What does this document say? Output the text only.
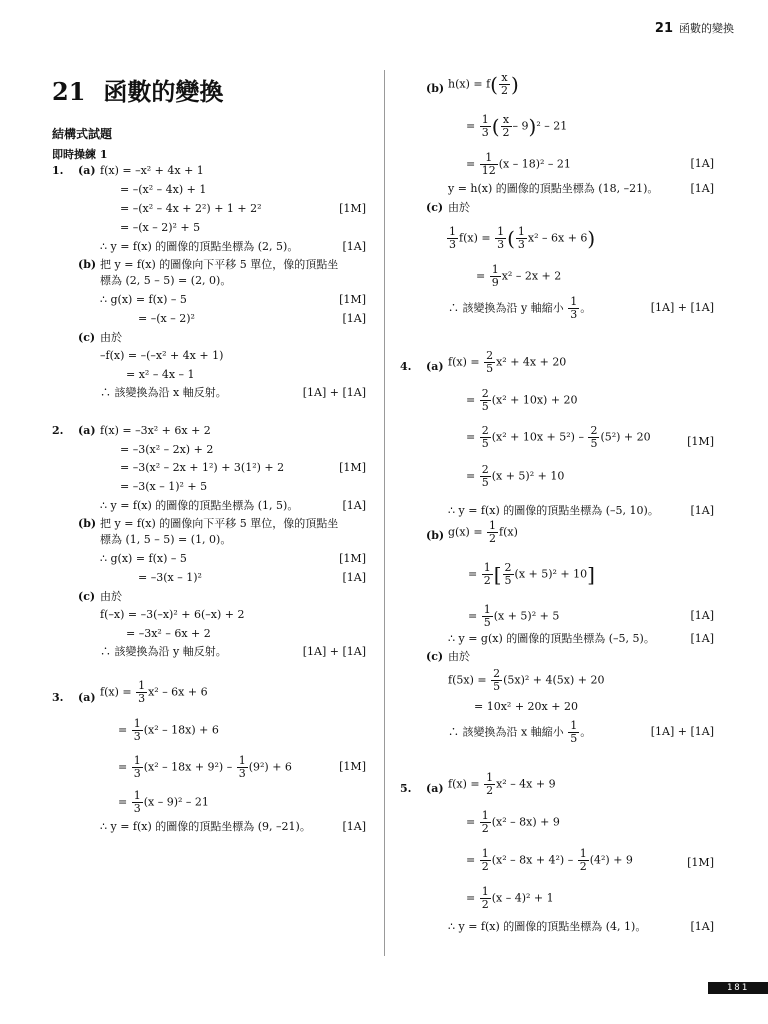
21 函數的變換
21 函數的變換
結構式試題
即時操練 1
1. (a) f(x) = –x² + 4x + 1
= –(x² – 4x) + 1
= –(x² – 4x + 2²) + 1 + 2²	[1M]
= –(x – 2)² + 5
∴ y = f(x) 的圖像的頂點坐標為 (2, 5)。	[1A]
(b) 把 y = f(x) 的圖像向下平移 5 單位，像的頂點坐
標為 (2, 5 – 5) = (2, 0)。
∴ g(x) = f(x) – 5	[1M]
= –(x – 2)²	[1A]
(c) 由於
–f(x) = –(–x² + 4x + 1)
= x² – 4x – 1
∴ 該變換為沿 x 軸反射。	[1A] + [1A]
2. (a) f(x) = –3x² + 6x + 2
= –3(x² – 2x) + 2
= –3(x² – 2x + 1²) + 3(1²) + 2	[1M]
= –3(x – 1)² + 5
∴ y = f(x) 的圖像的頂點坐標為 (1, 5)。	[1A]
(b) 把 y = f(x) 的圖像向下平移 5 單位，像的頂點坐
標為 (1, 5 – 5) = (1, 0)。
∴ g(x) = f(x) – 5	[1M]
= –3(x – 1)²	[1A]
(c) 由於
f(–x) = –3(–x)² + 6(–x) + 2
= –3x² – 6x + 2
∴ 該變換為沿 y 軸反射。	[1A] + [1A]
3. (a) $f(x) = \frac{1}{3} x^2 - 6x + 6$
= $\frac{1}{3} (x^2 - 18x) + 6$
= $\frac{1}{3} (x^2 - 18x + 9^2) - \frac{1}{3} (9^2) + 6$	[1M]
= $\frac{1}{3} (x - 9)^2 - 21$
∴ y = f(x) 的圖像的頂點坐標為 (9, –21)。	[1A]
(b) $h(x) = f( \frac{x}{2}$ )
= $\frac{1}{3}$ ( $\frac{x}{2} - 9)^2 - 21$
= $\frac{1}{12} (x - 18)^2 - 21$	[1A]
y = h(x) 的圖像的頂點坐標為 (18, –21)。	[1A]
(c) 由於
$\frac{1}{3} f(x) = \frac{1}{3}$ ( $\frac{1}{3} x^2 - 6x + 6$)
= $\frac{1}{9} x^2 - 2x + 2$
∴ 該變換為沿 y 軸縮小 $\frac{1}{3}$ 。	[1A] + [1A]
4. (a) $f(x) = \frac{2}{5} x^2 + 4x + 20$
= $\frac{2}{5} (x^2 + 10x) + 20$
= $\frac{2}{5} (x^2 + 10x + 5^2) - \frac{2}{5} (5^2) + 20$	[1M]
= $\frac{2}{5} (x + 5)^2 + 10$
∴ y = f(x) 的圖像的頂點坐標為 (–5, 10)。	[1A]
(b) $g(x) = \frac{1}{2} f(x)$
= $\frac{1}{2}$ [ $\frac{2}{5} (x + 5)^2 + 10$]
= $\frac{1}{5} (x + 5)^2 + 5$	[1A]
∴ y = g(x) 的圖像的頂點坐標為 (–5, 5)。	[1A]
(c) 由於
$f(5x) = \frac{2}{5} (5x)^2 + 4(5x) + 20$
= 10x² + 20x + 20
∴ 該變換為沿 x 軸縮小 $\frac{1}{5}$ 。	[1A] + [1A]
5. (a) $f(x) = \frac{1}{2} x^2 - 4x + 9$
= $\frac{1}{2} (x^2 - 8x) + 9$
= $\frac{1}{2} (x^2 - 8x + 4^2) - \frac{1}{2} (4^2) + 9$	[1M]
= $\frac{1}{2} (x - 4)^2 + 1$
∴ y = f(x) 的圖像的頂點坐標為 (4, 1)。	[1A]
181
